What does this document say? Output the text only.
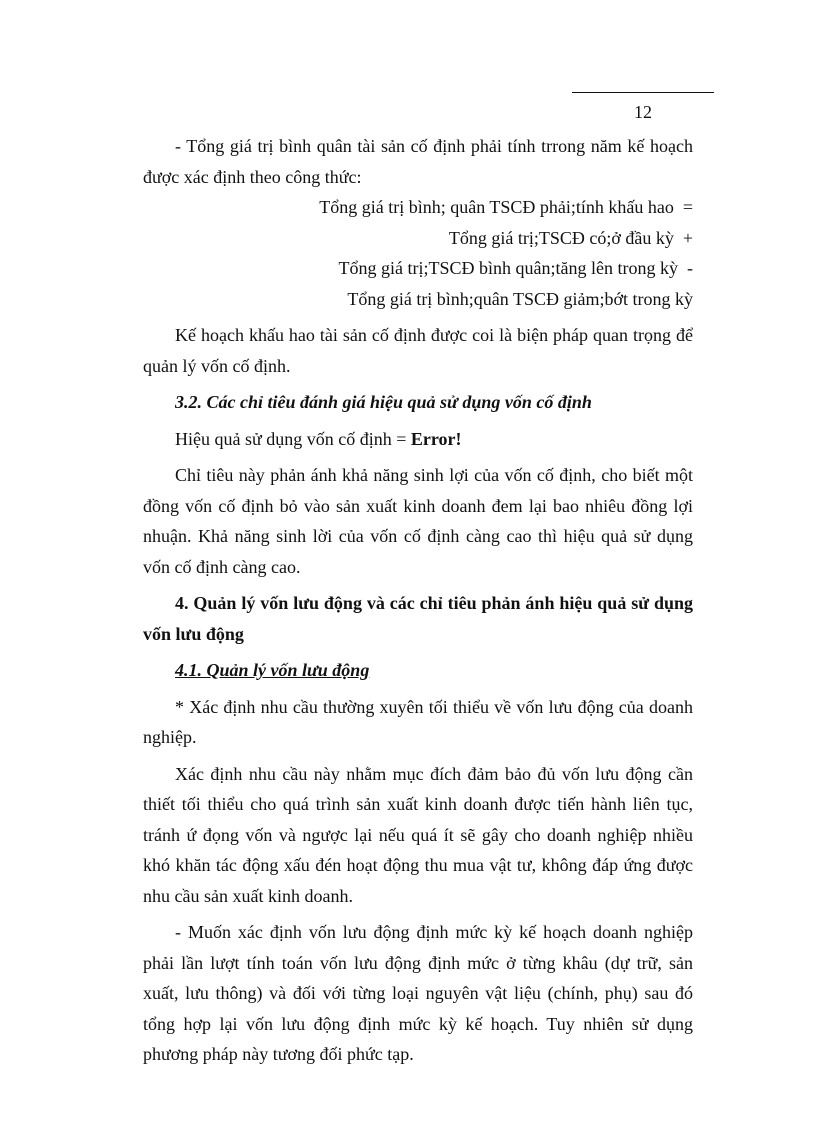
12

- Tổng giá trị bình quân tài sản cố định phải tính trrong năm kế hoạch được xác định theo công thức:

Tổng giá trị bình; quân TSCĐ phải;tính khấu hao  =
Tổng giá trị;TSCĐ có;ở đầu kỳ  +
Tổng giá trị;TSCĐ bình quân;tăng lên trong kỳ  -
Tổng giá trị bình;quân TSCĐ giảm;bớt trong kỳ

Kế hoạch khấu hao tài sản cố định được coi là biện pháp quan trọng để quản lý vốn cố định.

3.2. Các chỉ tiêu đánh giá hiệu quả sử dụng vốn cố định

Hiệu quả sử dụng vốn cố định = Error!

Chỉ tiêu này phản ánh khả năng sinh lợi của vốn cố định, cho biết một đồng vốn cố định bỏ vào sản xuất kinh doanh đem lại bao nhiêu đồng lợi nhuận. Khả năng sinh lời của vốn cố định càng cao thì hiệu quả sử dụng vốn cố định càng cao.

4. Quản lý vốn lưu động và các chỉ tiêu phản ánh hiệu quả sử dụng vốn lưu động

4.1. Quản lý vốn lưu động

* Xác định nhu cầu thường xuyên tối thiểu về vốn lưu động của doanh nghiệp.

Xác định nhu cầu này nhằm mục đích đảm bảo đủ vốn lưu động cần thiết tối thiểu cho quá trình sản xuất kinh doanh được tiến hành liên tục, tránh ứ đọng vốn và ngược lại nếu quá ít sẽ gây cho doanh nghiệp nhiều khó khăn tác động xấu đén hoạt động thu mua vật tư, không đáp ứng được nhu cầu sản xuất kinh doanh.

- Muốn xác định vốn lưu động định mức kỳ kế hoạch doanh nghiệp phải lần lượt tính toán vốn lưu động định mức ở từng khâu (dự trữ, sản xuất, lưu thông) và đối với từng loại nguyên vật liệu (chính, phụ) sau đó tổng hợp lại vốn lưu động định mức kỳ kế hoạch. Tuy nhiên sử dụng phương pháp này tương đối phức tạp.
